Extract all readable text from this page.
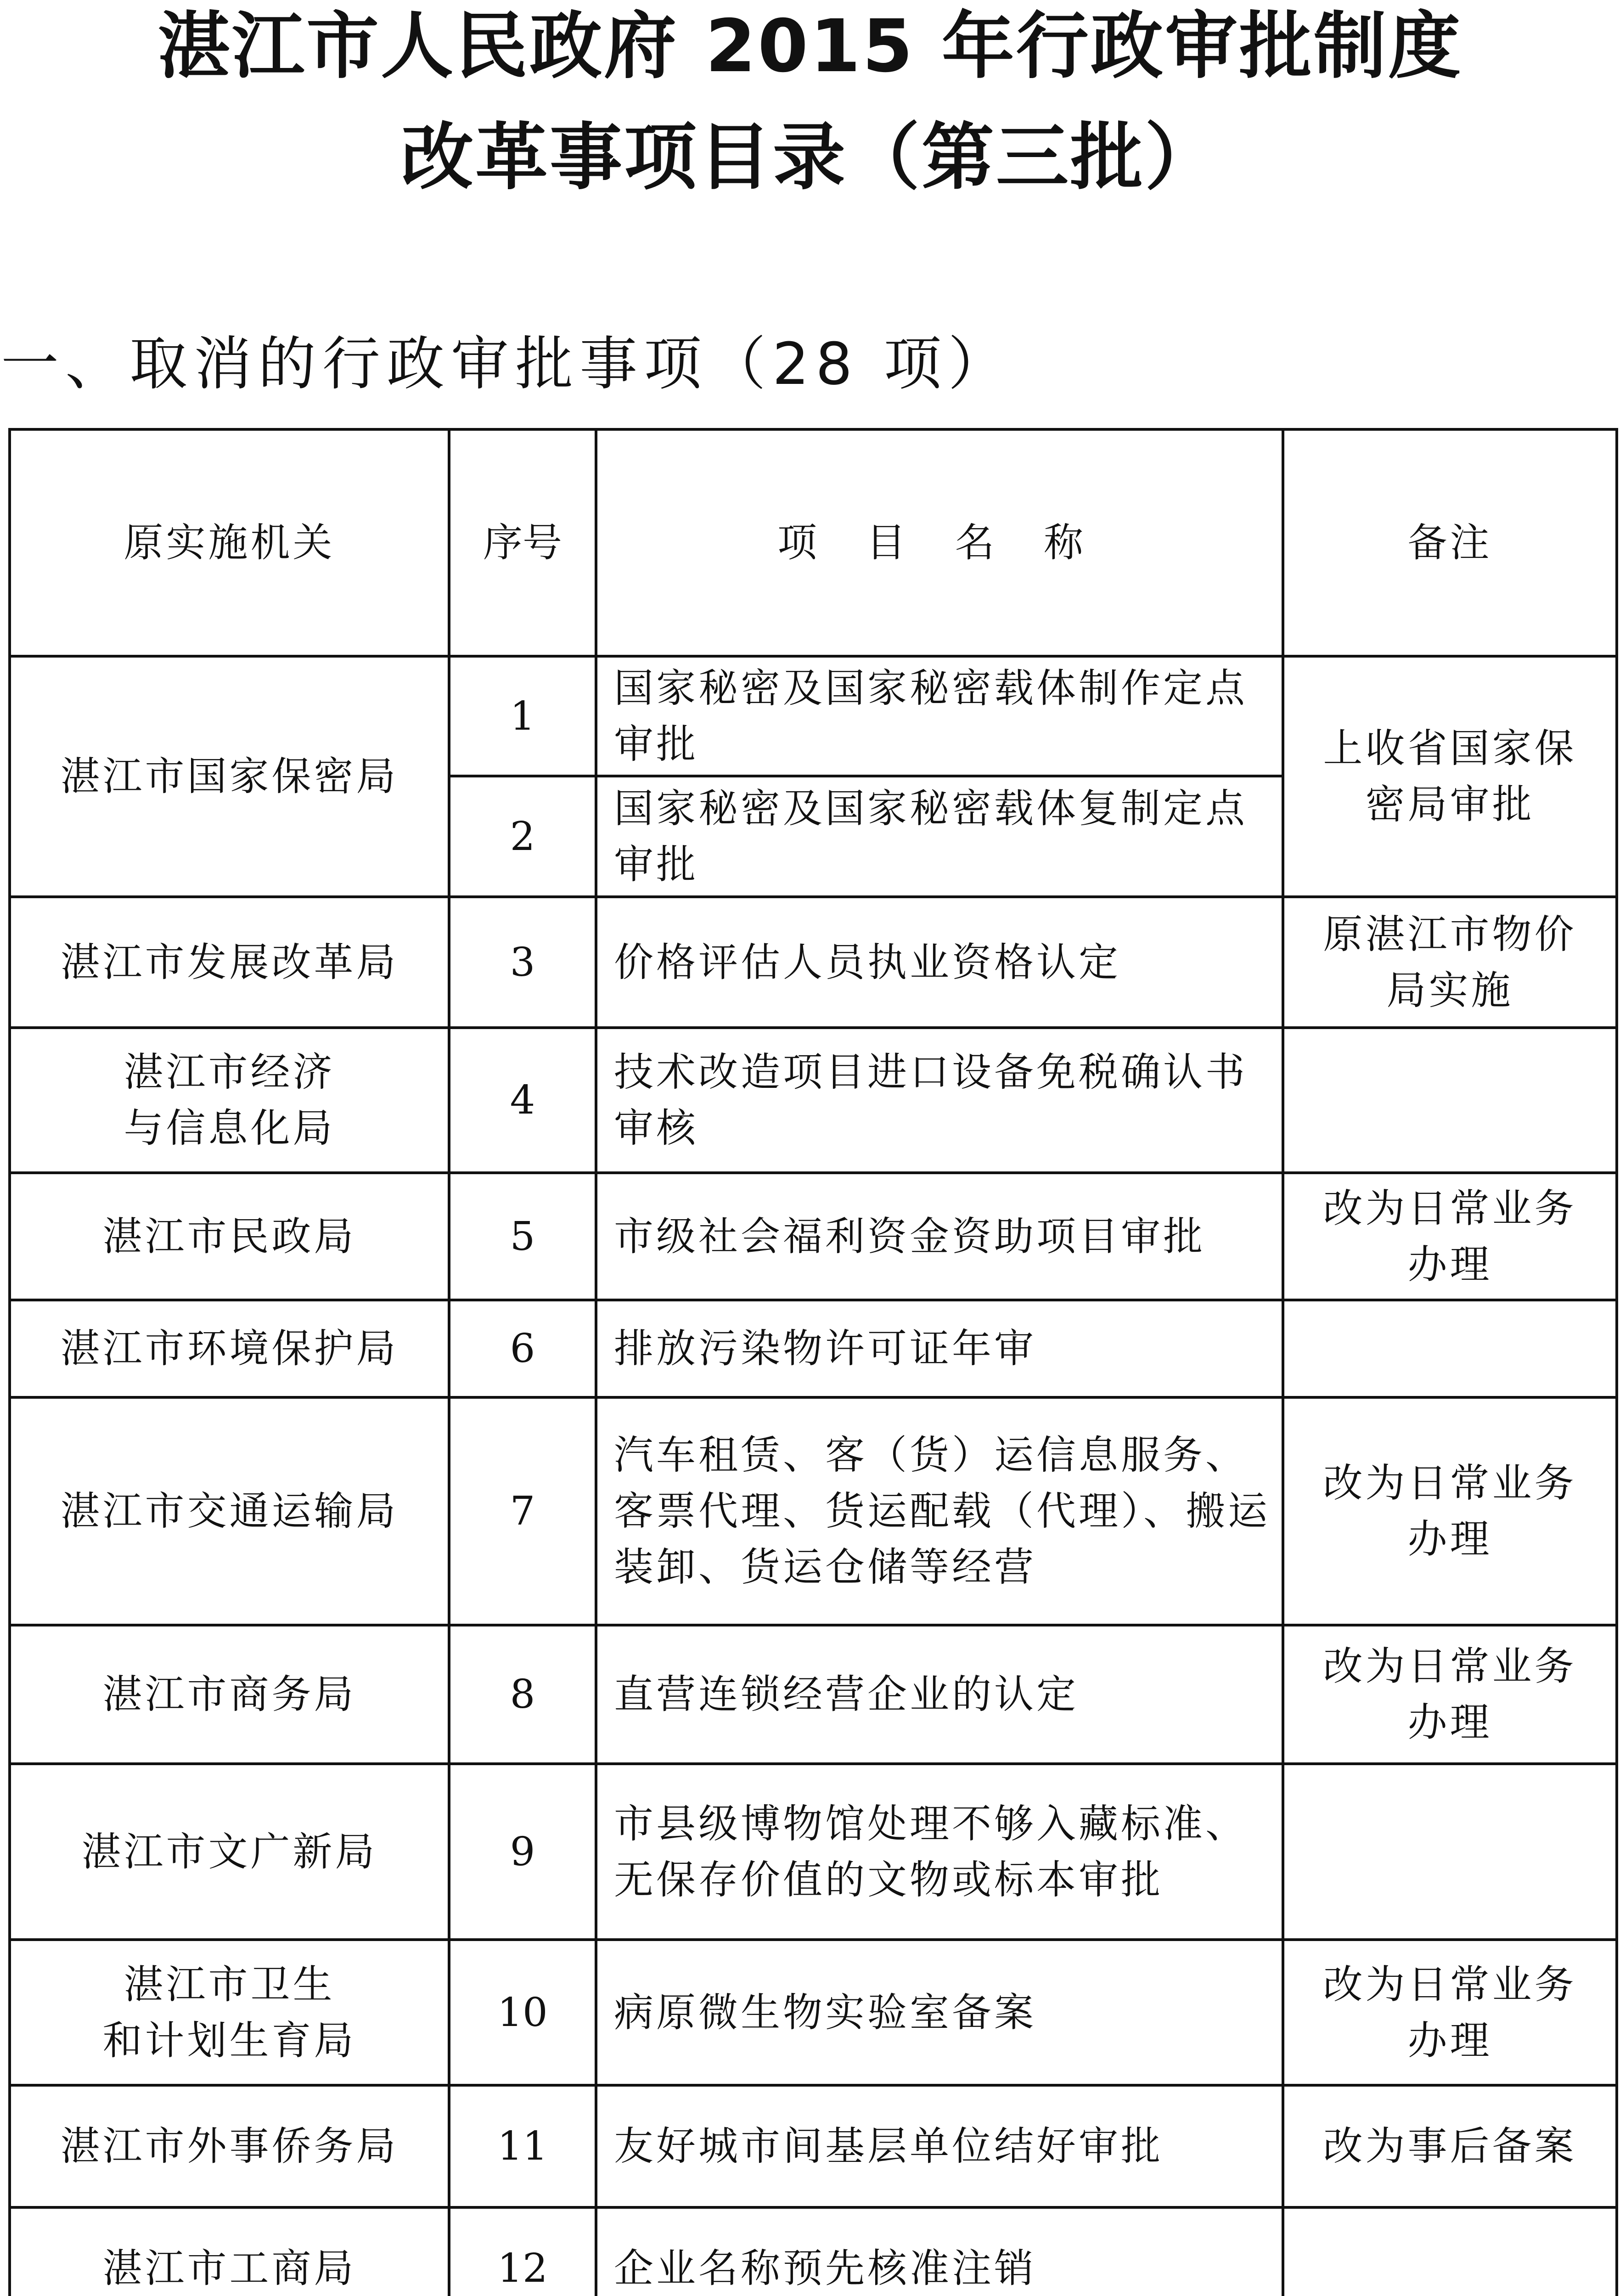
湛江市人民政府 2015 年行政审批制度
改革事项目录（第三批）
一、取消的行政审批事项（28 项）
原实施机关	序号	项 目 名 称	备注
湛江市国家保密局	1	国家秘密及国家秘密载体制作定点审批	上收省国家保密局审批
	2	国家秘密及国家秘密载体复制定点审批	
湛江市发展改革局	3	价格评估人员执业资格认定	原湛江市物价局实施
湛江市经济
与信息化局	4	技术改造项目进口设备免税确认书审核	
湛江市民政局	5	市级社会福利资金资助项目审批	改为日常业务办理
湛江市环境保护局	6	排放污染物许可证年审	
湛江市交通运输局	7	汽车租赁、客（货）运信息服务、客票代理、货运配载（代理）、搬运装卸、货运仓储等经营	改为日常业务办理
湛江市商务局	8	直营连锁经营企业的认定	改为日常业务办理
湛江市文广新局	9	市县级博物馆处理不够入藏标准、无保存价值的文物或标本审批	
湛江市卫生
和计划生育局	10	病原微生物实验室备案	改为日常业务办理
湛江市外事侨务局	11	友好城市间基层单位结好审批	改为事后备案
湛江市工商局	12	企业名称预先核准注销	
